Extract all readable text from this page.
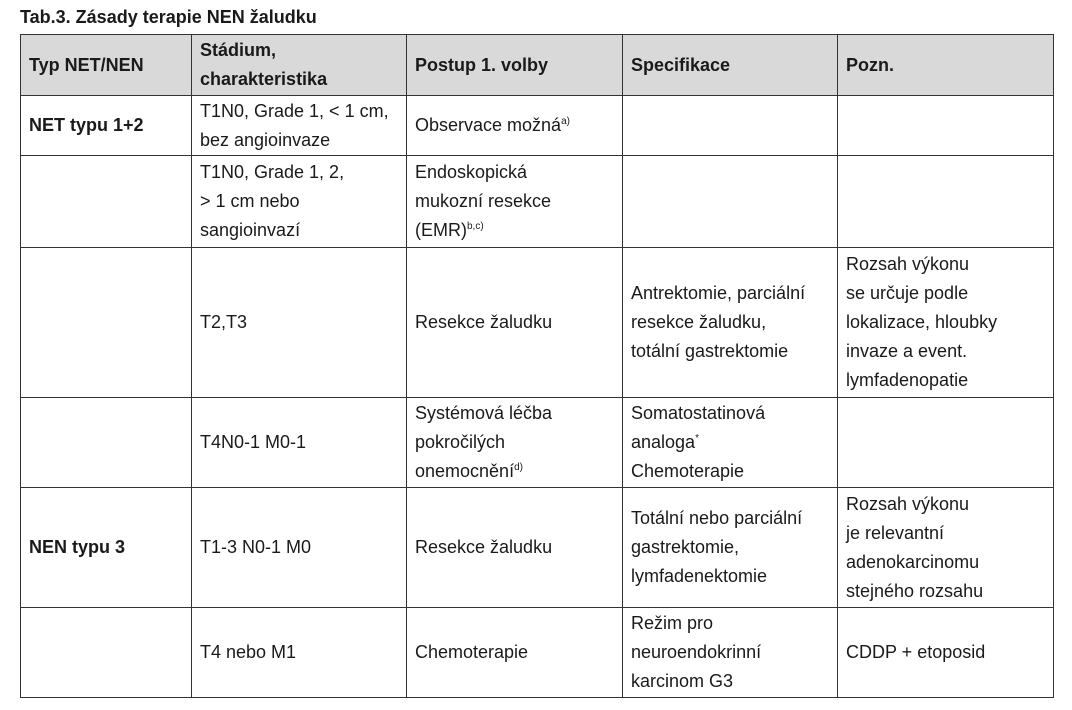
Tab.3. Zásady terapie NEN žaludku
Typ NET/NEN	Stádium,
charakteristika	Postup 1. volby	Specifikace	Pozn.
NET typu 1+2	T1N0, Grade 1, < 1 cm,
bez angioinvaze	Observace možná$^{a)}$

	T1N0, Grade 1, 2,
> 1 cm nebo
sangioinvazí	Endoskopická
mukozní resekce
(EMR)$^{b,c)}$

	T2,T3	Resekce žaludku	Antrektomie, parciální
resekce žaludku,
totální gastrektomie	Rozsah výkonu
se určuje podle
lokalizace, hloubky
invaze a event.
lymfadenopatie

	T4N0-1 M0-1	Systémová léčba
pokročilých
onemocnění$^{d)}$	Somatostatinová
analoga*
Chemoterapie	

NEN typu 3	T1-3 N0-1 M0	Resekce žaludku	Totální nebo parciální
gastrektomie,
lymfadenektomie	Rozsah výkonu
je relevantní
adenokarcinomu
stejného rozsahu

	T4 nebo M1	Chemoterapie	Režim pro
neuroendokrinní
karcinom G3	CDDP + etoposid
